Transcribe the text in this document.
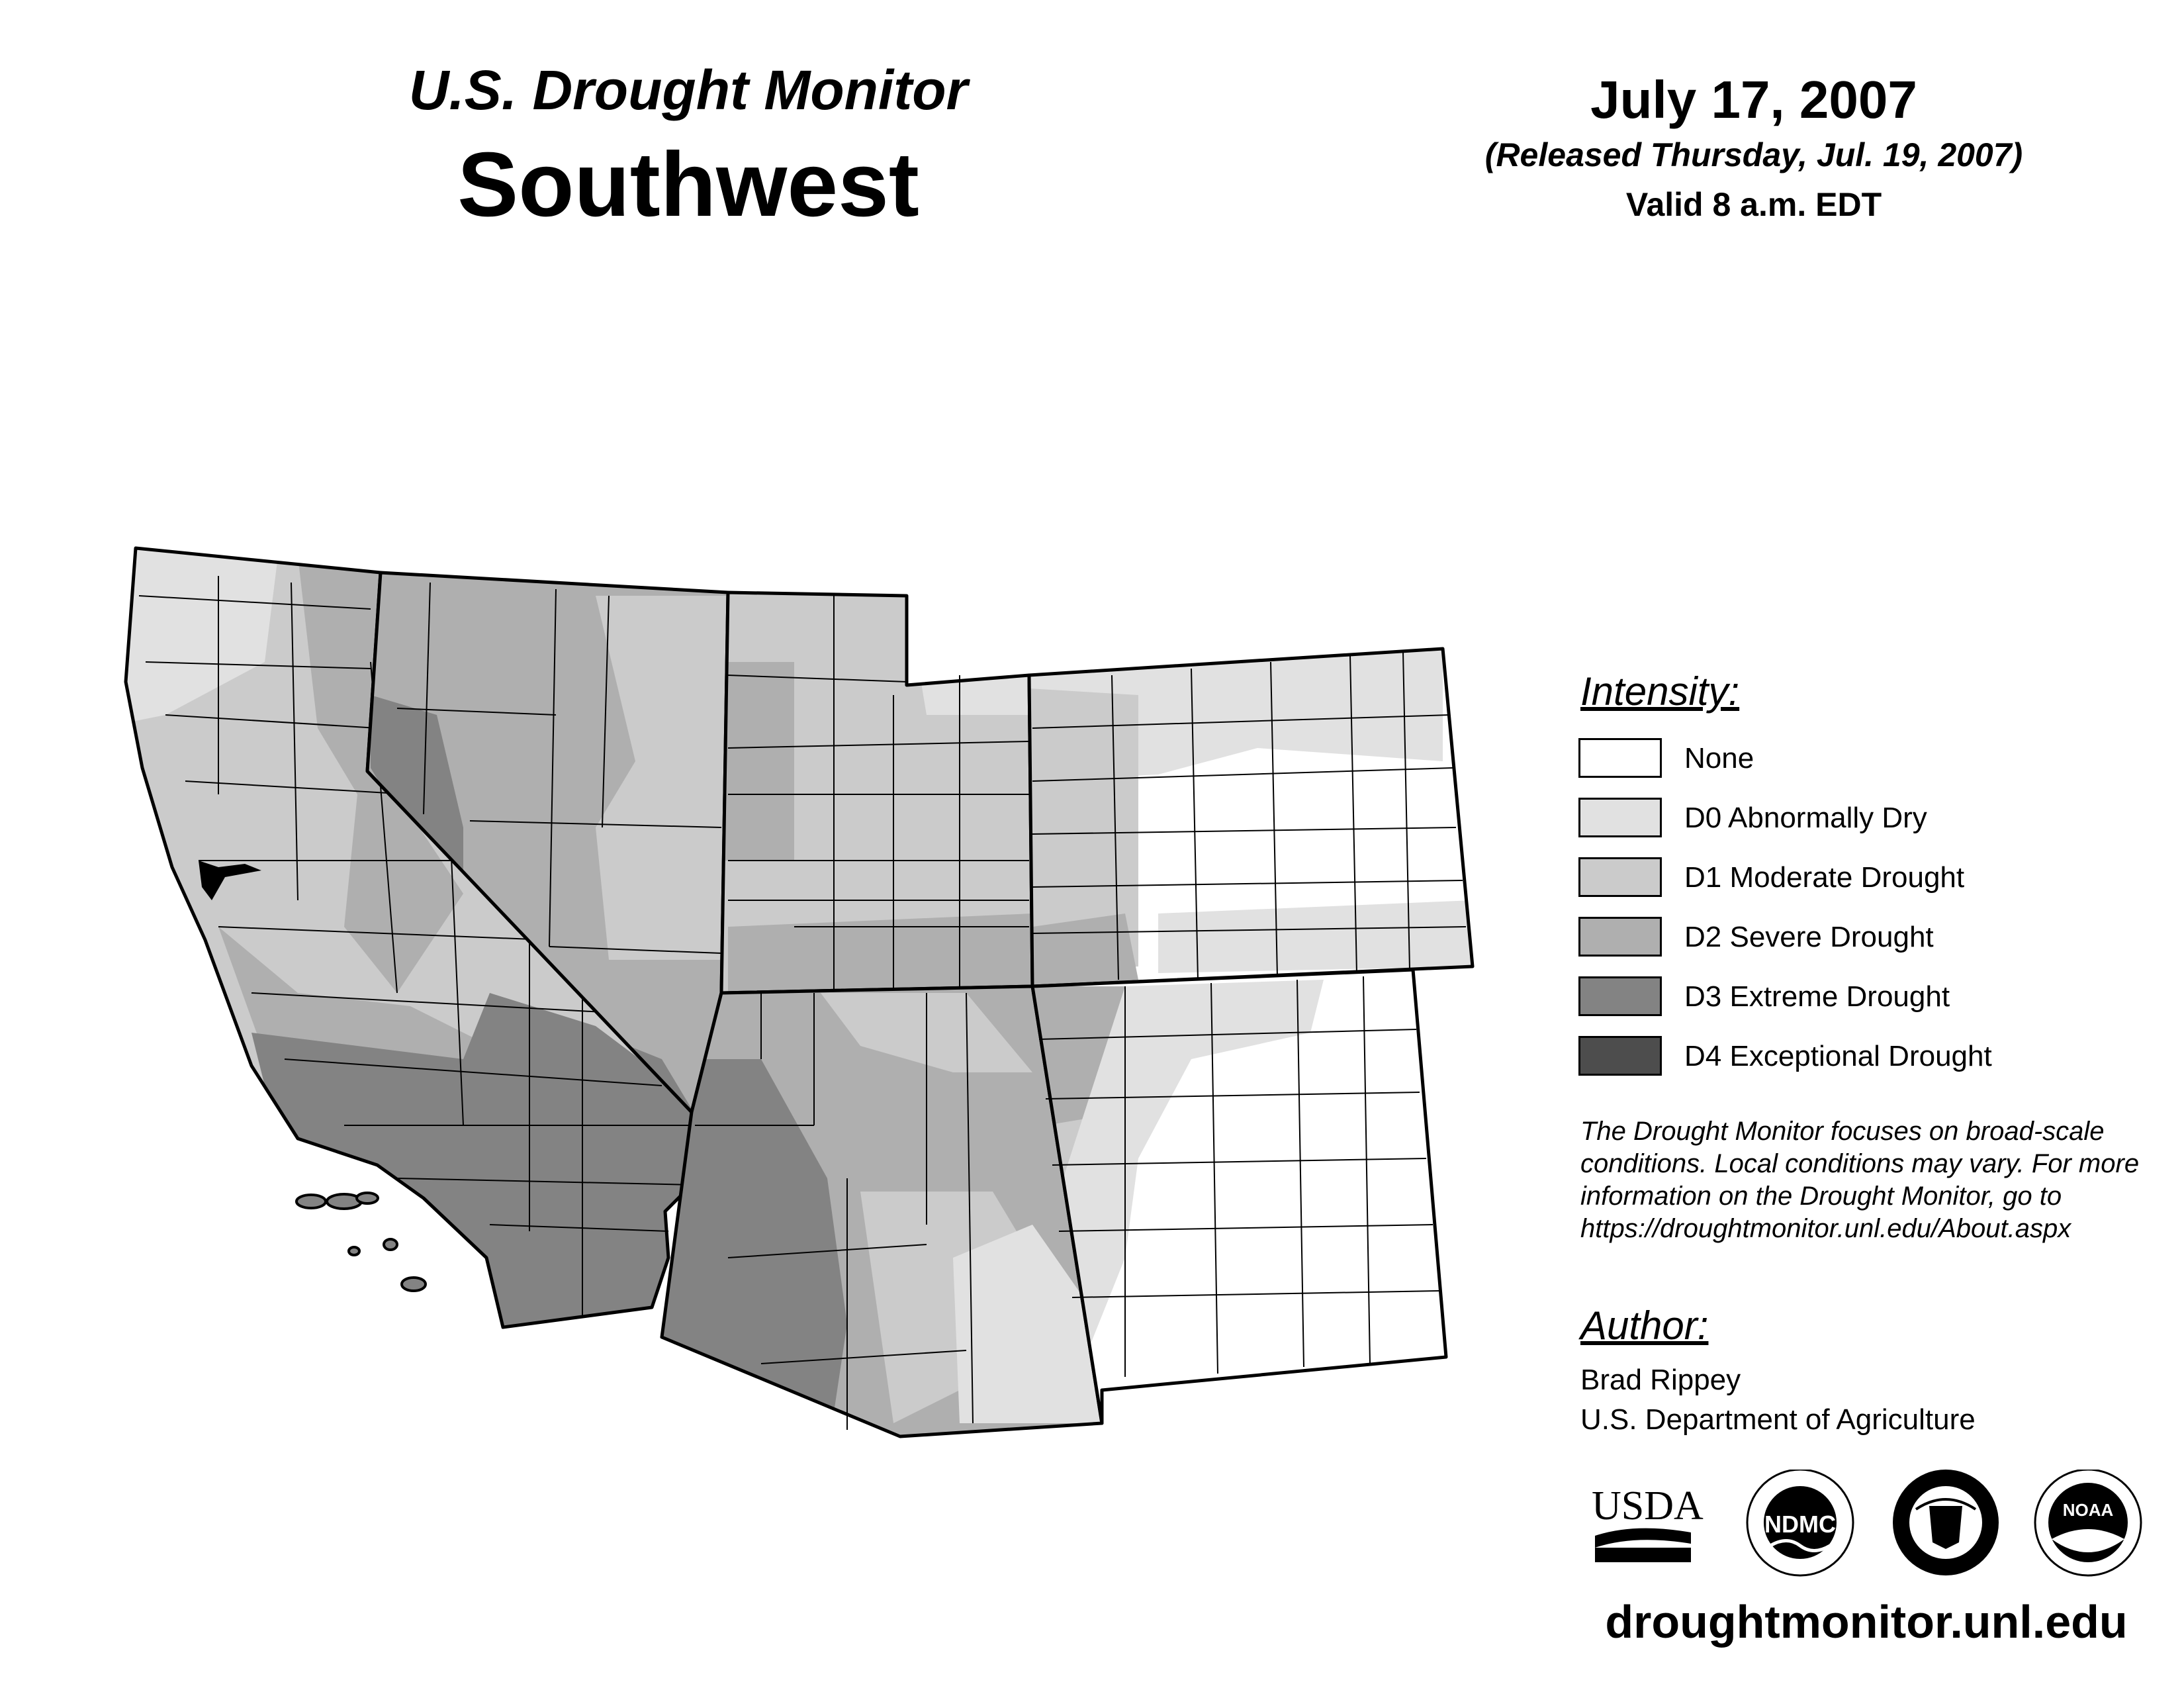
U.S. Drought Monitor
Southwest
July 17, 2007
(Released Thursday, Jul. 19, 2007)
Valid 8 a.m. EDT
Intensity:
None
D0 Abnormally Dry
D1 Moderate Drought
D2 Severe Drought
D3 Extreme Drought
D4 Exceptional Drought
The Drought Monitor focuses on broad-scale conditions. Local conditions may vary. For more information on the Drought Monitor, go to https://droughtmonitor.unl.edu/About.aspx
Author:
Brad Rippey
U.S. Department of Agriculture
USDA	NDMC
NOAA
droughtmonitor.unl.edu
